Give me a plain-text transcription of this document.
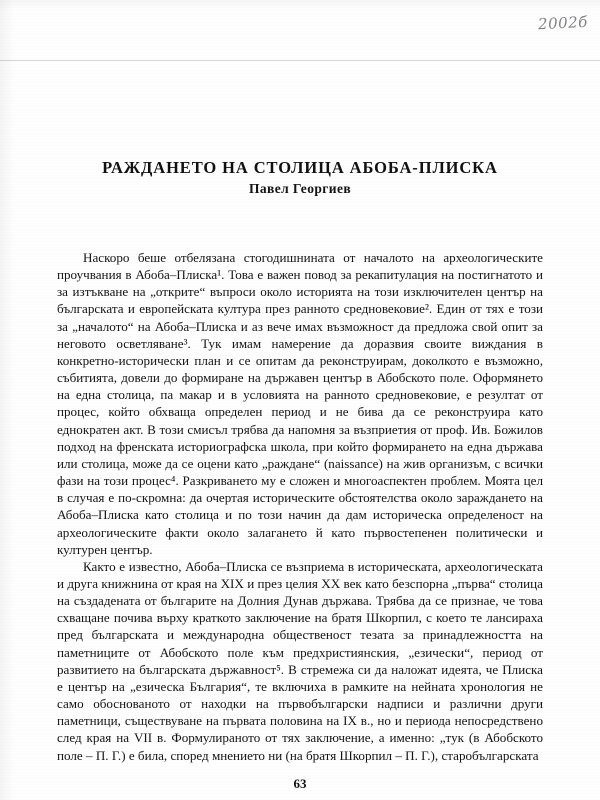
2002б
РАЖДАНЕТО НА СТОЛИЦА АБОБА-ПЛИСКА
Павел Георгиев

Наскоро беше отбелязана стогодишнината от началото на археологическите проучвания в Абоба–Плиска¹. Това е важен повод за рекапитулация на постигнатото и за изтъкване на „открите“ въпроси около историята на този изключителен център на българската и европейската култура през раннoто средновековие². Един от тях е този за „началото“ на Абоба–Плиска и аз вече имах възможност да предложа свой опит за неговото осветляване³. Тук имам намерение да доразвия своите виждания в конкретно-исторически план и се опитам да реконструирам, доколкото е възможно, събитията, довели до формиране на държавен център в Абобското поле. Оформянето на една столица, па макар и в условията на раннoто средновековие, е резултат от процес, който обхваща определен период и не бива да се реконструира като еднократен акт. В този смисъл трябва да напомня за възприетия от проф. Ив. Божилов подход на френската историографска школа, при който формирането на една държава или столица, може да се оцени като „раждане“ (naissance) на жив организъм, с всички фази на този процес⁴. Разкриването му е сложен и многоаспектен проблем. Моята цел в случая е по-скромна: да очертая историческите обстоятелства около зараждането на Абоба–Плиска като столица и по този начин да дам историческа определеност на археологическите факти около залагането й като първостепенен политически и културен център.

Както е известно, Абоба–Плиска се възприема в историческата, археологическата и друга книжнина от края на XIX и през целия XX век като безспорна „първа“ столица на създадената от българите на Долния Дунав държава. Трябва да се признае, че това схващане почива върху краткото заключение на братя Шкорпил, с което те лансираха пред българската и международна общественост тезата за принадлежността на паметниците от Абобското поле към предхристиянския, „езически“, период от развитието на българската държавност⁵. В стремежа си да наложат идеята, че Плиска е център на „езическа България“, те включиха в рамките на нейната хронология не само обоснованото от находки на първобългарски надписи и различни други паметници, съществуване на първата половина на IX в., но и периода непосредствено след края на VII в. Формулираното от тях заключение, а именно: „тук (в Абобското поле – П. Г.) е била, според мнението ни (на братя Шкорпил – П. Г.), старобългарската

63
